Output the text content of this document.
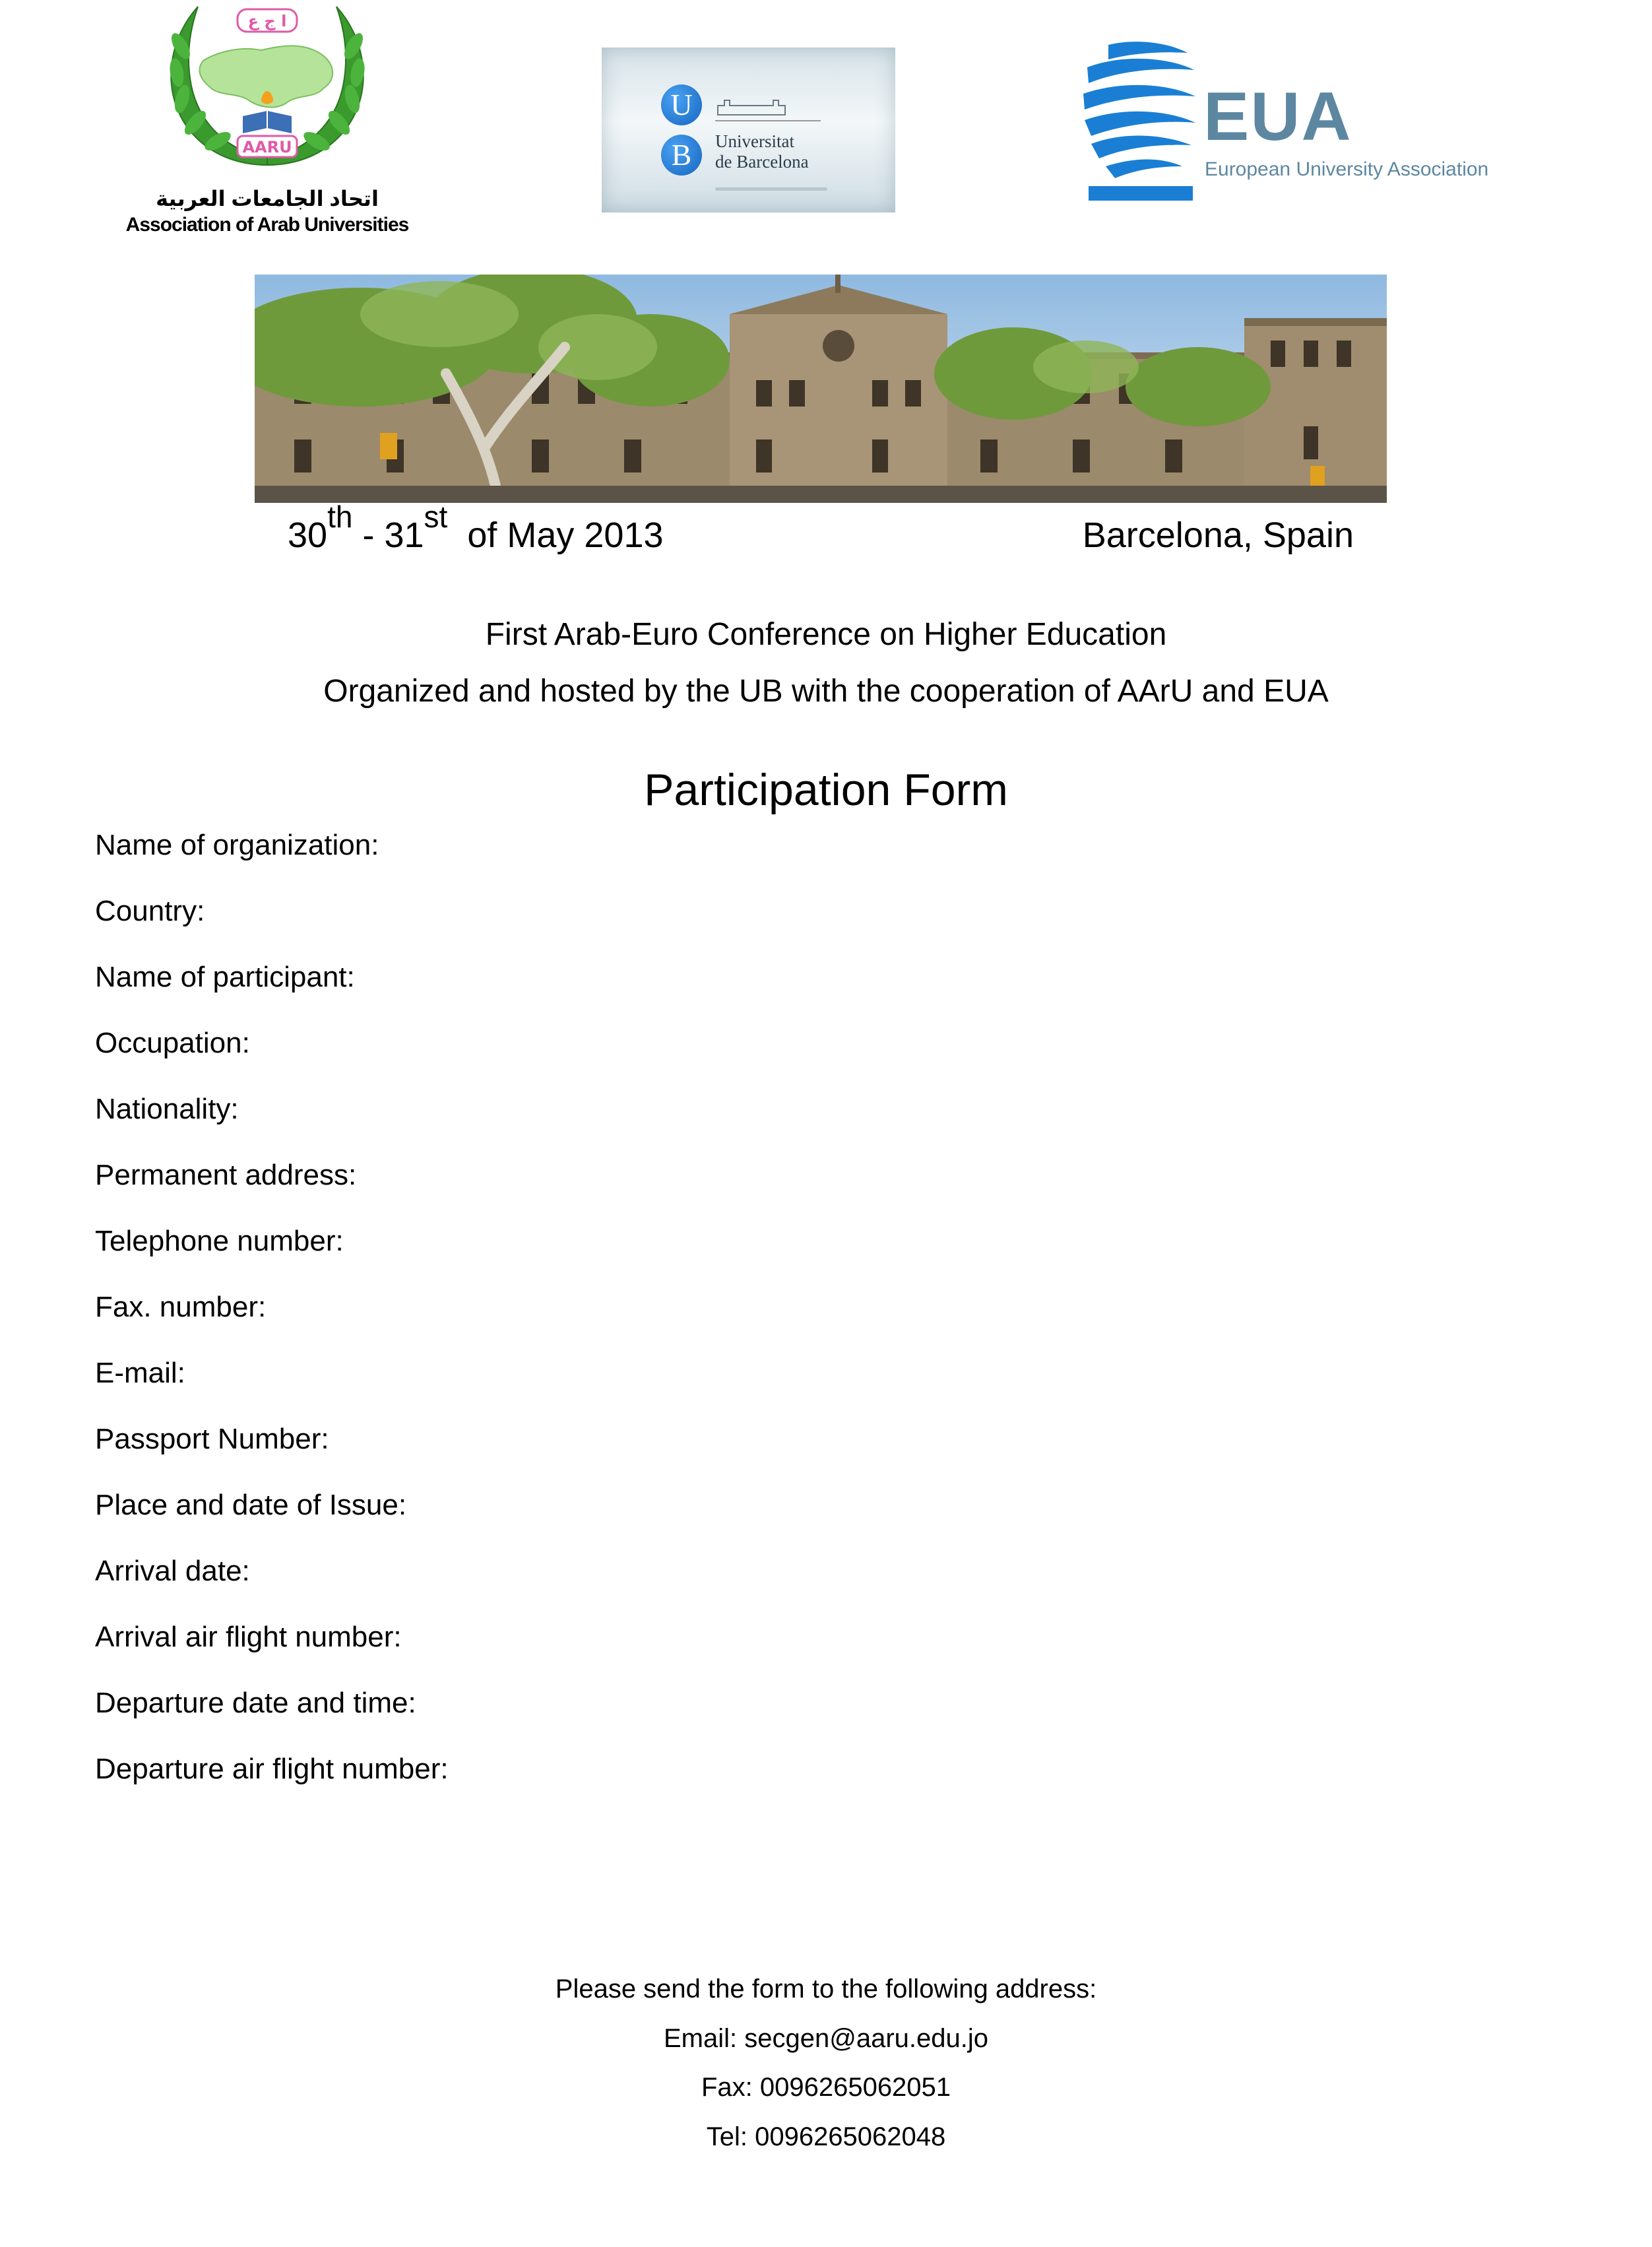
ا ج ع
AARU
اتحاد الجامعات العربية
Association of Arab Universities
U
B	Universitat
de Barcelona
EUA
European University Association
30th - 31st of May 2013	Barcelona, Spain
First Arab-Euro Conference on Higher Education
Organized and hosted by the UB with the cooperation of AArU and EUA
Participation Form
Name of organization:
Country:
Name of participant:
Occupation:
Nationality:
Permanent address:
Telephone number:
Fax. number:
E-mail:
Passport Number:
Place and date of Issue:
Arrival date:
Arrival air flight number:
Departure date and time:
Departure air flight number:
Please send the form to the following address:
Email: secgen@aaru.edu.jo
Fax: 0096265062051
Tel: 0096265062048
